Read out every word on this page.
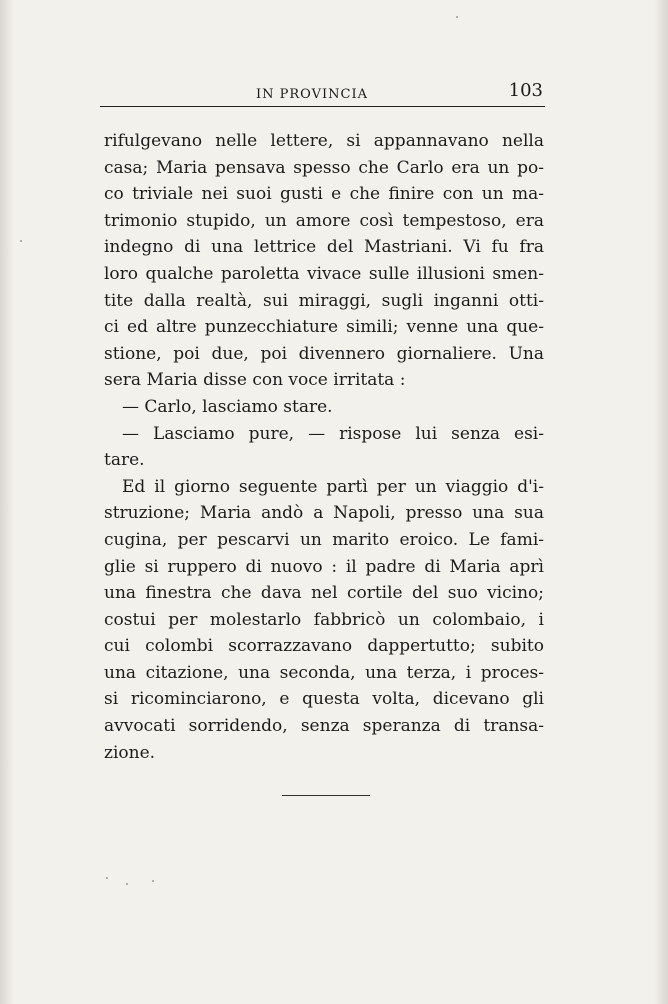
IN PROVINCIA	103
rifulgevano nelle lettere, si appannavano nella
casa; Maria pensava spesso che Carlo era un po-
co triviale nei suoi gusti e che finire con un ma-
trimonio stupido, un amore così tempestoso, era
indegno di una lettrice del Mastriani. Vi fu fra
loro qualche paroletta vivace sulle illusioni smen-
tite dalla realtà, sui miraggi, sugli inganni otti-
ci ed altre punzecchiature simili; venne una que-
stione, poi due, poi divennero giornaliere. Una
sera Maria disse con voce irritata :
— Carlo, lasciamo stare.
— Lasciamo pure, — rispose lui senza esi-
tare.
Ed il giorno seguente partì per un viaggio d'i-
struzione; Maria andò a Napoli, presso una sua
cugina, per pescarvi un marito eroico. Le fami-
glie si ruppero di nuovo : il padre di Maria aprì
una finestra che dava nel cortile del suo vicino;
costui per molestarlo fabbricò un colombaio, i
cui colombi scorrazzavano dappertutto; subito
una citazione, una seconda, una terza, i proces-
si ricominciarono, e questa volta, dicevano gli
avvocati sorridendo, senza speranza di transa-
zione.
